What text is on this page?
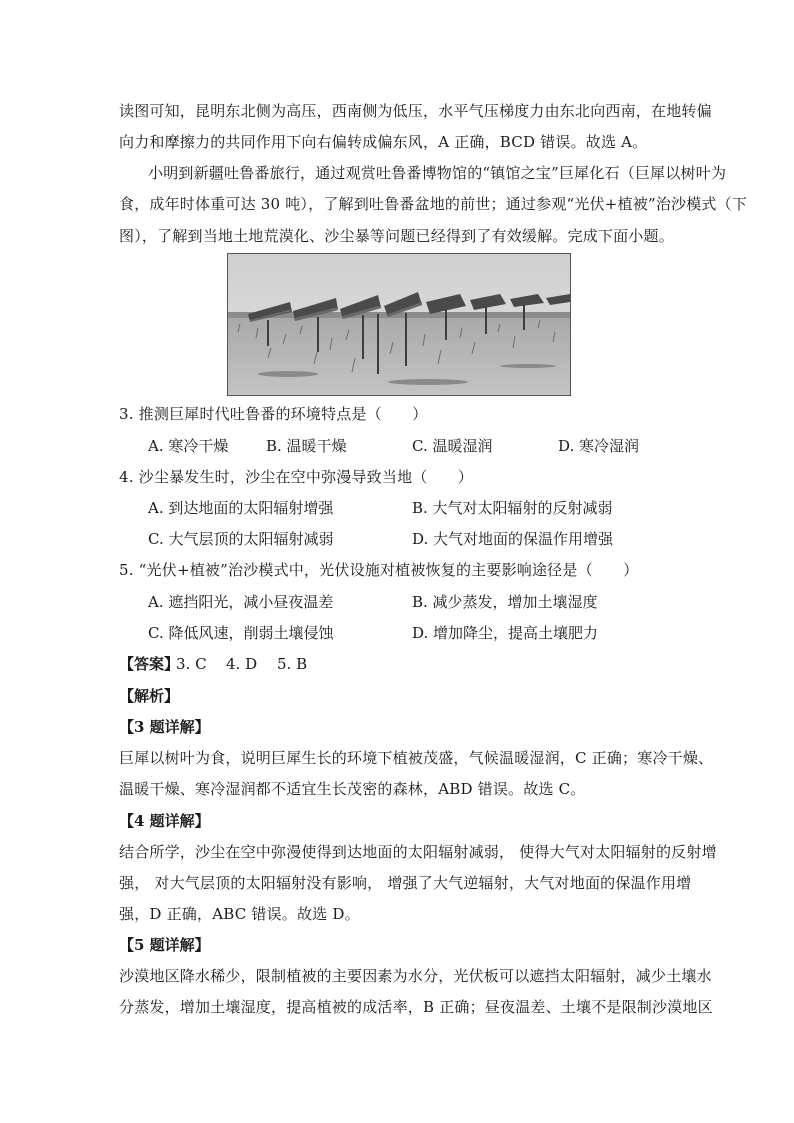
读图可知，昆明东北侧为高压，西南侧为低压，水平气压梯度力由东北向西南，在地转偏
向力和摩擦力的共同作用下向右偏转成偏东风，A 正确，BCD 错误。故选 A。
小明到新疆吐鲁番旅行，通过观赏吐鲁番博物馆的“镇馆之宝”巨犀化石（巨犀以树叶为
食，成年时体重可达 30 吨），了解到吐鲁番盆地的前世；通过参观“光伏+植被”治沙模式（下
图），了解到当地土地荒漠化、沙尘暴等问题已经得到了有效缓解。完成下面小题。
3. 推测巨犀时代吐鲁番的环境特点是（　　）
A. 寒冷干燥	B. 温暖干燥	C. 温暖湿润	D. 寒冷湿润
4. 沙尘暴发生时，沙尘在空中弥漫导致当地（　　）
A. 到达地面的太阳辐射增强	B. 大气对太阳辐射的反射减弱
C. 大气层顶的太阳辐射减弱	D. 大气对地面的保温作用增强
5. “光伏+植被”治沙模式中，光伏设施对植被恢复的主要影响途径是（　　）
A. 遮挡阳光，减小昼夜温差	B. 减少蒸发，增加土壤湿度
C. 降低风速，削弱土壤侵蚀	D. 增加降尘，提高土壤肥力
【答案】
3. C 4. D 5. B
【解析】
【3 题详解】
巨犀以树叶为食，说明巨犀生长的环境下植被茂盛，气候温暖湿润，C 正确；寒冷干燥、
温暖干燥、寒冷湿润都不适宜生长茂密的森林，ABD 错误。故选 C。
【4 题详解】
结合所学，沙尘在空中弥漫使得到达地面的太阳辐射减弱， 使得大气对太阳辐射的反射增
强， 对大气层顶的太阳辐射没有影响， 增强了大气逆辐射，大气对地面的保温作用增
强，D 正确，ABC 错误。故选 D。
【5 题详解】
沙漠地区降水稀少，限制植被的主要因素为水分，光伏板可以遮挡太阳辐射，减少土壤水
分蒸发，增加土壤湿度，提高植被的成活率，B 正确；昼夜温差、土壤不是限制沙漠地区
